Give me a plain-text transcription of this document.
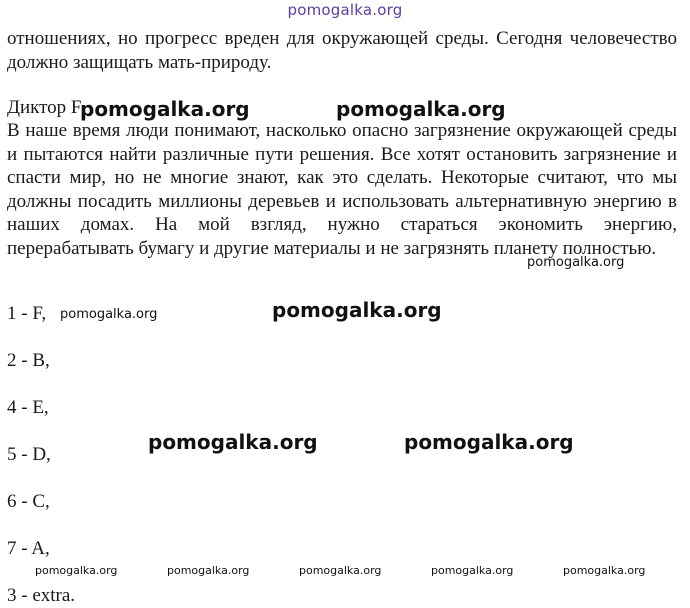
pomogalka.org
отношениях, но прогресс вреден для окружающей среды. Сегодня человечество должно защищать мать-природу.
Диктор F
В наше время люди понимают, насколько опасно загрязнение окружающей среды и пытаются найти различные пути решения. Все хотят остановить загрязнение и спасти мир, но не многие знают, как это сделать. Некоторые считают, что мы должны посадить миллионы деревьев и использовать альтернативную энергию в наших домах. На мой взгляд, нужно стараться экономить энергию, перерабатывать бумагу и другие материалы и не загрязнять планету полностью.
1 - F,
2 - B,
4 - E,
5 - D,
6 - C,
7 - A,
3 - extra.
pomogalka.org	pomogalka.org
pomogalka.org
pomogalka.org	pomogalka.org
pomogalka.org	pomogalka.org
pomogalka.org	pomogalka.org	pomogalka.org	pomogalka.org	pomogalka.org
